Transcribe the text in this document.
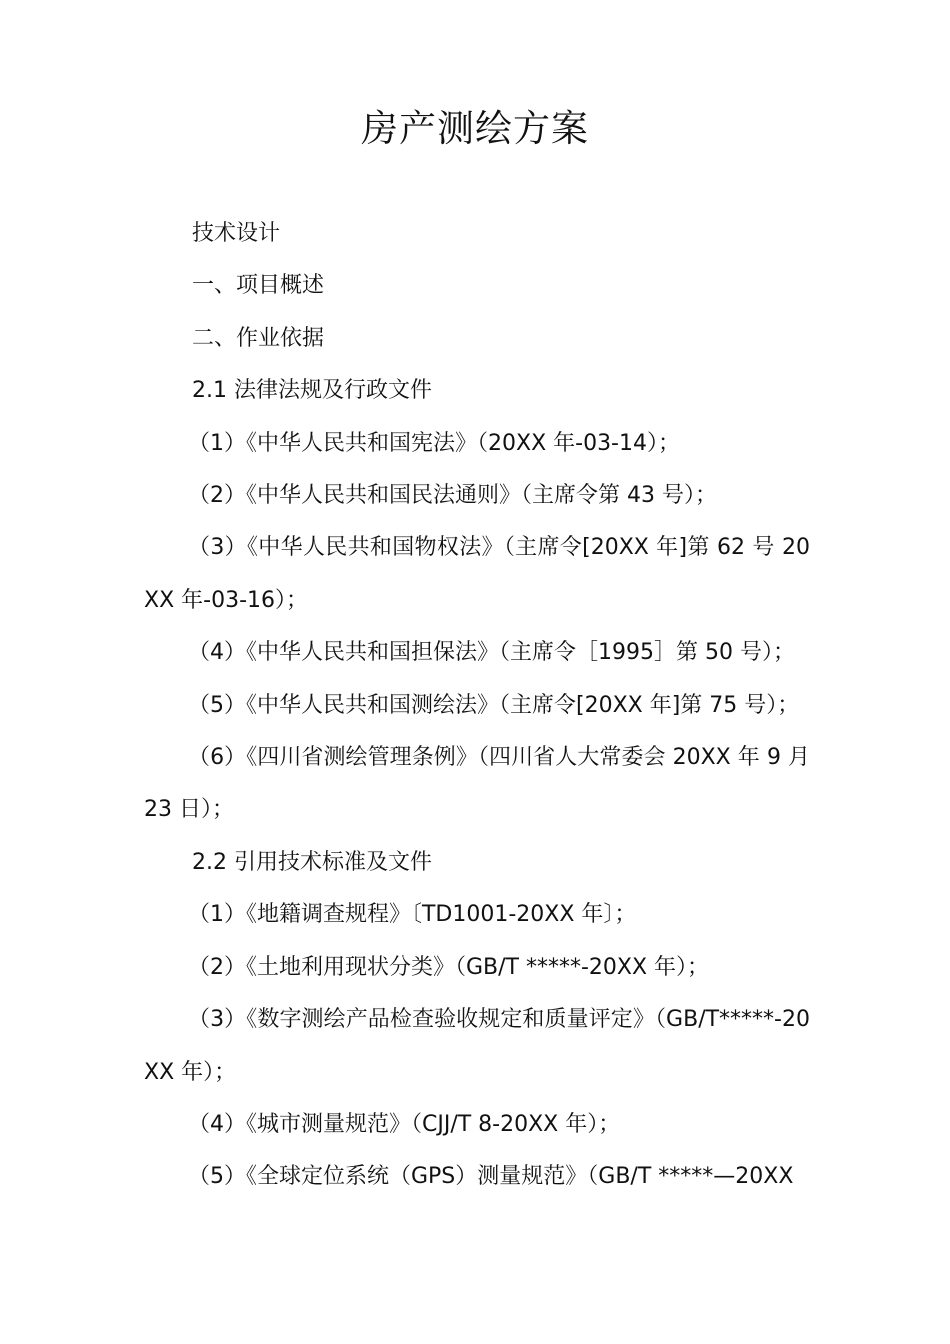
房产测绘方案

技术设计

一、项目概述

二、作业依据

2.1 法律法规及行政文件

（1）《中华人民共和国宪法》（20XX 年-03-14）；

（2）《中华人民共和国民法通则》（主席令第 43 号）；

（3）《中华人民共和国物权法》（主席令[20XX 年]第 62 号 20XX 年-03-16）；

（4）《中华人民共和国担保法》（主席令［1995］第 50 号）；

（5）《中华人民共和国测绘法》（主席令[20XX 年]第 75 号）；

（6）《四川省测绘管理条例》（四川省人大常委会 20XX 年 9 月 23 日）；

2.2 引用技术标准及文件

（1）《地籍调查规程》〔TD1001-20XX 年〕；

（2）《土地利用现状分类》（GB/T *****-20XX 年）；

（3）《数字测绘产品检查验收规定和质量评定》（GB/T*****-20XX 年）；

（4）《城市测量规范》（CJJ/T 8-20XX 年）；

（5）《全球定位系统（GPS）测量规范》（GB/T *****—20XX
